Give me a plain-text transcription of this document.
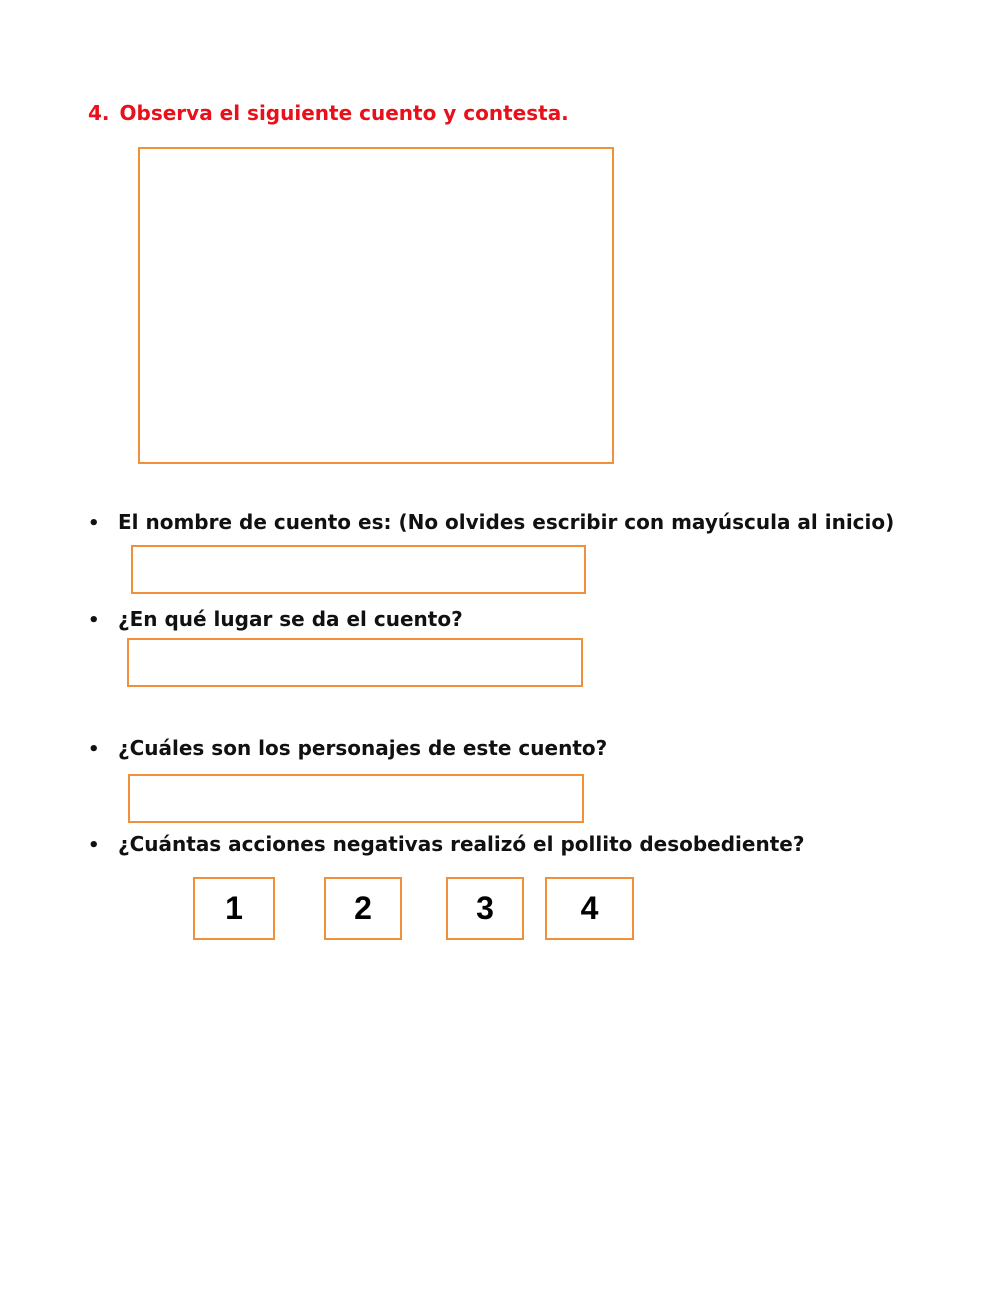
4. Observa el siguiente cuento y contesta.
• El nombre de cuento es: (No olvides escribir con mayúscula al inicio)
• ¿En qué lugar se da el cuento?
• ¿Cuáles son los personajes de este cuento?
• ¿Cuántas acciones negativas realizó el pollito desobediente?
1	2	3	4
